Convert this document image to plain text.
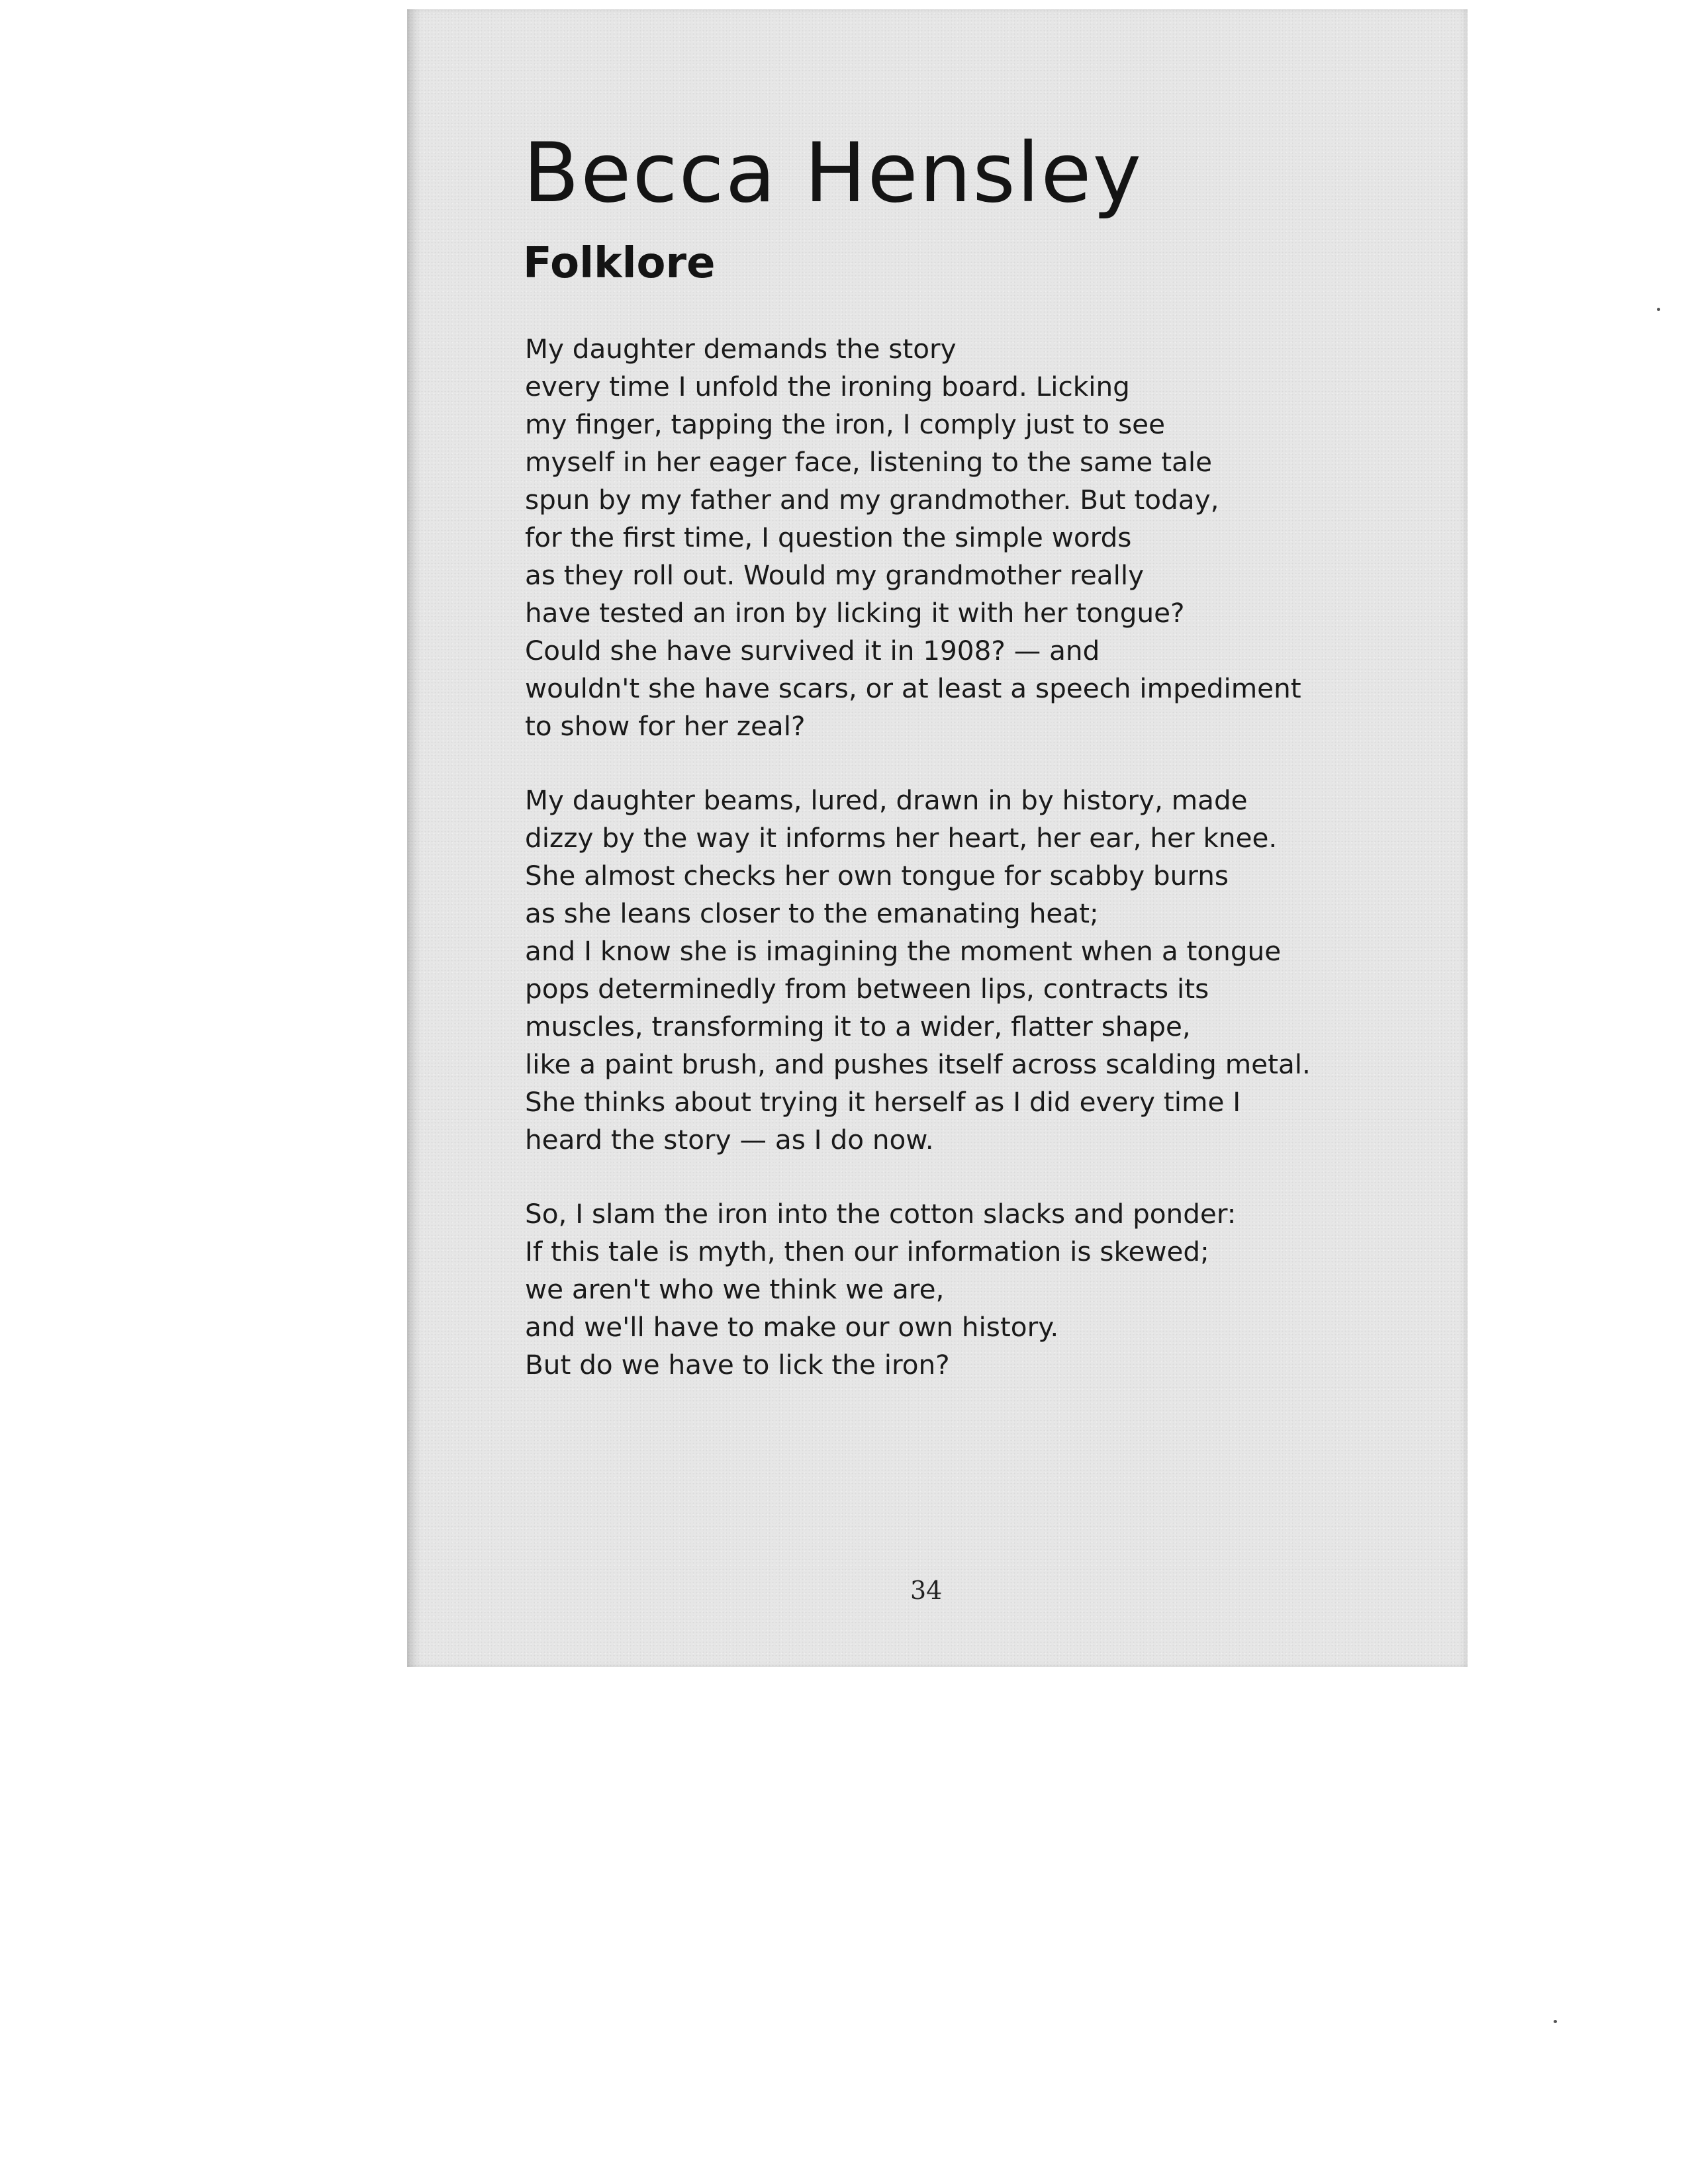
Becca Hensley
Folklore
My daughter demands the story
every time I unfold the ironing board. Licking
my finger, tapping the iron, I comply just to see
myself in her eager face, listening to the same tale
spun by my father and my grandmother. But today,
for the first time, I question the simple words
as they roll out. Would my grandmother really
have tested an iron by licking it with her tongue?
Could she have survived it in 1908? — and
wouldn't she have scars, or at least a speech impediment
to show for her zeal?
My daughter beams, lured, drawn in by history, made
dizzy by the way it informs her heart, her ear, her knee.
She almost checks her own tongue for scabby burns
as she leans closer to the emanating heat;
and I know she is imagining the moment when a tongue
pops determinedly from between lips, contracts its
muscles, transforming it to a wider, flatter shape,
like a paint brush, and pushes itself across scalding metal.
She thinks about trying it herself as I did every time I
heard the story — as I do now.
So, I slam the iron into the cotton slacks and ponder:
If this tale is myth, then our information is skewed;
we aren't who we think we are,
and we'll have to make our own history.
But do we have to lick the iron?
34
